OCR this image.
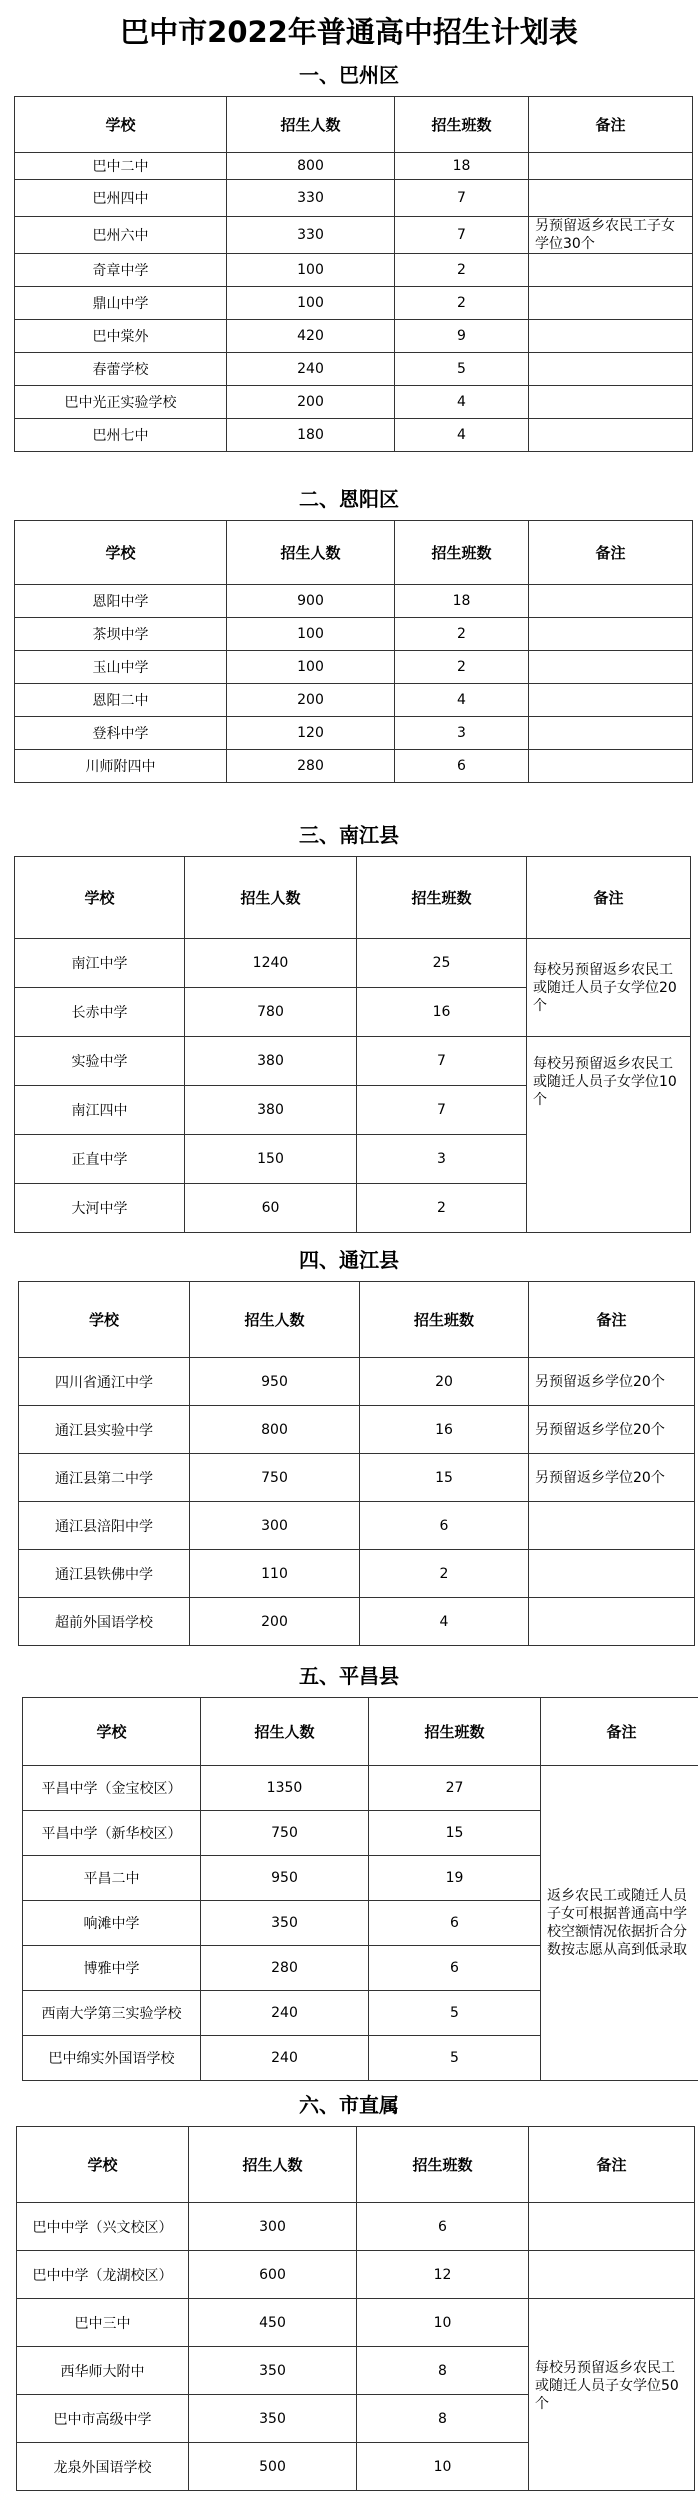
巴中市2022年普通高中招生计划表
一、巴州区
学校	招生人数	招生班数	备注
巴中二中	800	18	
巴州四中	330	7	
巴州六中	330	7	另预留返乡农民工子女学位30个
奇章中学	100	2	
鼎山中学	100	2	
巴中棠外	420	9	
春蕾学校	240	5	
巴中光正实验学校	200	4	
巴州七中	180	4	
二、恩阳区
学校	招生人数	招生班数	备注
恩阳中学	900	18	
茶坝中学	100	2	
玉山中学	100	2	
恩阳二中	200	4	
登科中学	120	3	
川师附四中	280	6	
三、南江县
学校	招生人数	招生班数	备注
南江中学	1240	25	每校另预留返乡农民工或随迁人员子女学位20个
长赤中学	780	16	
实验中学	380	7	每校另预留返乡农民工或随迁人员子女学位10个
南江四中	380	7	
正直中学	150	3	
大河中学	60	2	
四、通江县
学校	招生人数	招生班数	备注
四川省通江中学	950	20	另预留返乡学位20个
通江县实验中学	800	16	另预留返乡学位20个
通江县第二中学	750	15	另预留返乡学位20个
通江县涪阳中学	300	6	
通江县铁佛中学	110	2	
超前外国语学校	200	4	
五、平昌县
学校	招生人数	招生班数	备注
平昌中学（金宝校区）	1350	27	返乡农民工或随迁人员子女可根据普通高中学校空额情况依据折合分数按志愿从高到低录取
平昌中学（新华校区）	750	15	
平昌二中	950	19	
响滩中学	350	6	
博雅中学	280	6	
西南大学第三实验学校	240	5	
巴中绵实外国语学校	240	5	
六、市直属
学校	招生人数	招生班数	备注
巴中中学（兴文校区）	300	6	
巴中中学（龙湖校区）	600	12	
巴中三中	450	10	每校另预留返乡农民工或随迁人员子女学位50个
西华师大附中	350	8	
巴中市高级中学	350	8	
龙泉外国语学校	500	10	
